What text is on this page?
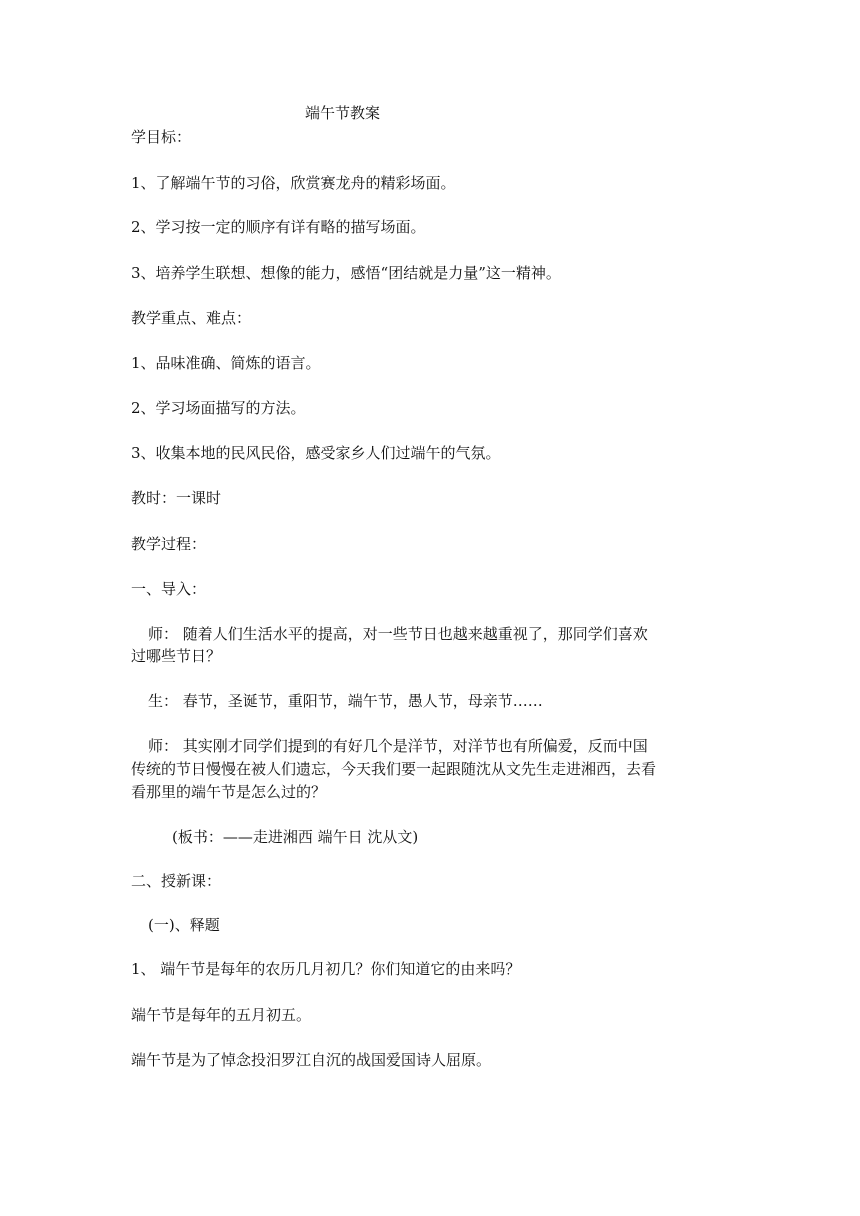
端午节教案
学目标：
1、了解端午节的习俗，欣赏赛龙舟的精彩场面。
2、学习按一定的顺序有详有略的描写场面。
3、培养学生联想、想像的能力，感悟“团结就是力量”这一精神。
教学重点、难点：
1、品味准确、简炼的语言。
2、学习场面描写的方法。
3、收集本地的民风民俗，感受家乡人们过端午的气氛。
教时：一课时
教学过程：
一、导入：
师： 随着人们生活水平的提高，对一些节日也越来越重视了，那同学们喜欢
过哪些节日？
生： 春节，圣诞节，重阳节，端午节，愚人节，母亲节……
师： 其实刚才同学们提到的有好几个是洋节，对洋节也有所偏爱，反而中国
传统的节日慢慢在被人们遗忘，今天我们要一起跟随沈从文先生走进湘西，去看
看那里的端午节是怎么过的？
(板书：——走进湘西 端午日 沈从文)
二、授新课：
(一)、释题
1、 端午节是每年的农历几月初几？你们知道它的由来吗？
端午节是每年的五月初五。
端午节是为了悼念投汨罗江自沉的战国爱国诗人屈原。
